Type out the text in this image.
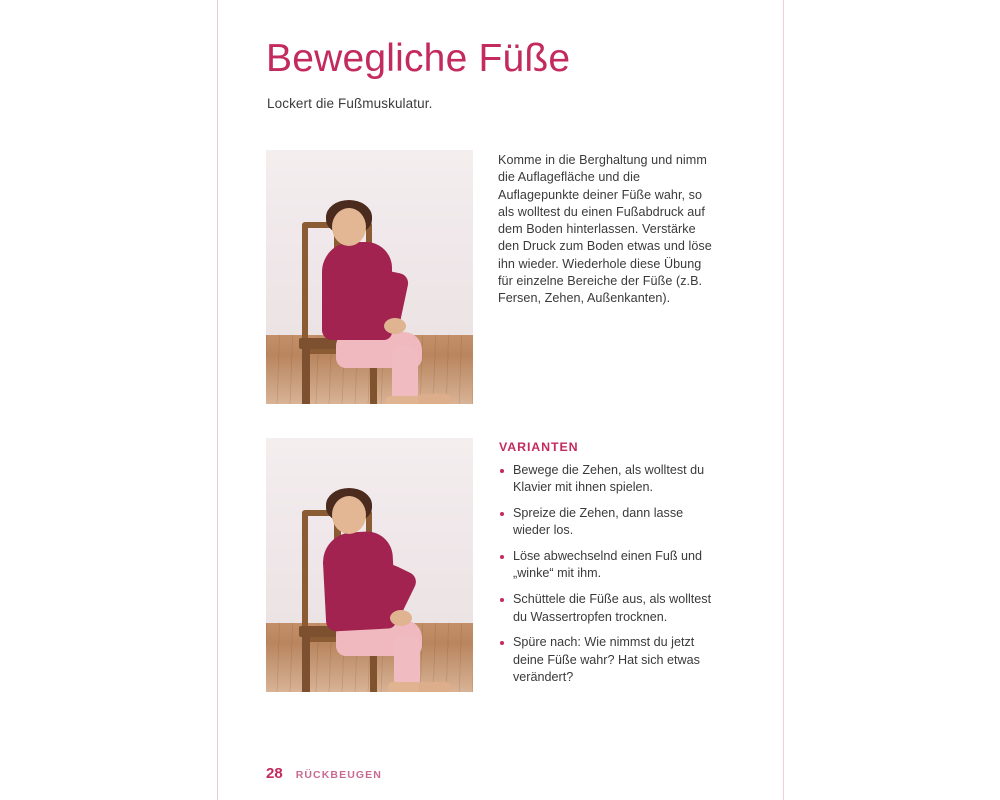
Bewegliche Füße
Lockert die Fußmuskulatur.
Komme in die Berghaltung und nimm die Auflagefläche und die Auflagepunkte deiner Füße wahr, so als wolltest du einen Fußabdruck auf dem Boden hinterlassen. Verstärke den Druck zum Boden etwas und löse ihn wieder. Wiederhole diese Übung für einzelne Bereiche der Füße (z.B. Fersen, Zehen, Außenkanten).
VARIANTEN
Bewege die Zehen, als wolltest du Klavier mit ihnen spielen.
Spreize die Zehen, dann lasse wieder los.
Löse abwechselnd einen Fuß und „winke“ mit ihm.
Schüttele die Füße aus, als wolltest du Wassertropfen trocknen.
Spüre nach: Wie nimmst du jetzt deine Füße wahr? Hat sich etwas verändert?
28 RÜCKBEUGEN
